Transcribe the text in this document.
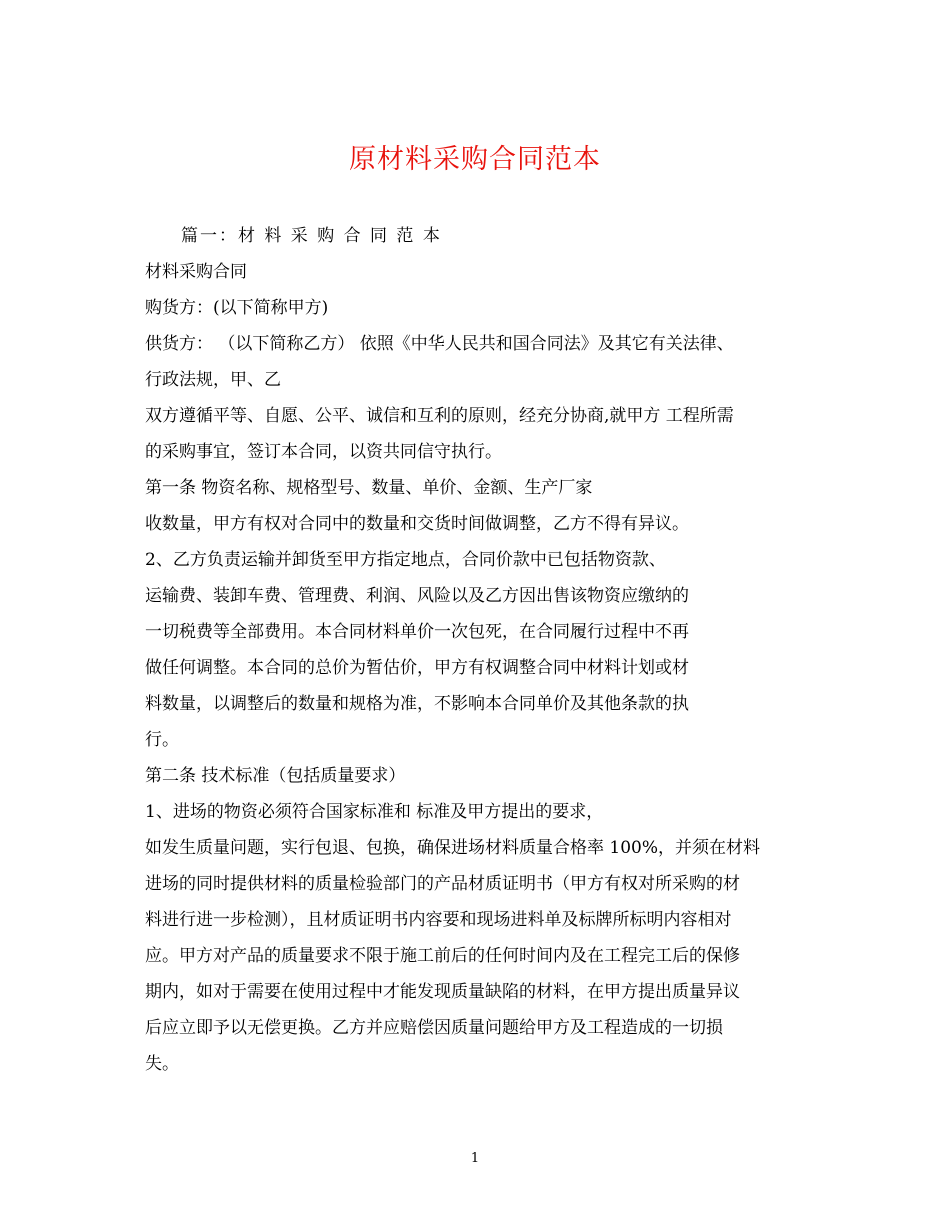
原材料采购合同范本
篇一：材 料 采 购 合 同 范 本
材料采购合同
购货方：(以下简称甲方)
供货方： （以下简称乙方） 依照《中华人民共和国合同法》及其它有关法律、
行政法规，甲、乙
双方遵循平等、自愿、公平、诚信和互利的原则，经充分协商,就甲方 工程所需
的采购事宜，签订本合同，以资共同信守执行。
第一条 物资名称、规格型号、数量、单价、金额、生产厂家
收数量，甲方有权对合同中的数量和交货时间做调整，乙方不得有异议。
2、乙方负责运输并卸货至甲方指定地点，合同价款中已包括物资款、
运输费、装卸车费、管理费、利润、风险以及乙方因出售该物资应缴纳的
一切税费等全部费用。本合同材料单价一次包死，在合同履行过程中不再
做任何调整。本合同的总价为暂估价，甲方有权调整合同中材料计划或材
料数量，以调整后的数量和规格为准，不影响本合同单价及其他条款的执
行。
第二条 技术标准（包括质量要求）
1、进场的物资必须符合国家标准和 标准及甲方提出的要求，
如发生质量问题，实行包退、包换，确保进场材料质量合格率 100%，并须在材料
进场的同时提供材料的质量检验部门的产品材质证明书（甲方有权对所采购的材
料进行进一步检测），且材质证明书内容要和现场进料单及标牌所标明内容相对
应。甲方对产品的质量要求不限于施工前后的任何时间内及在工程完工后的保修
期内，如对于需要在使用过程中才能发现质量缺陷的材料，在甲方提出质量异议
后应立即予以无偿更换。乙方并应赔偿因质量问题给甲方及工程造成的一切损
失。
1
